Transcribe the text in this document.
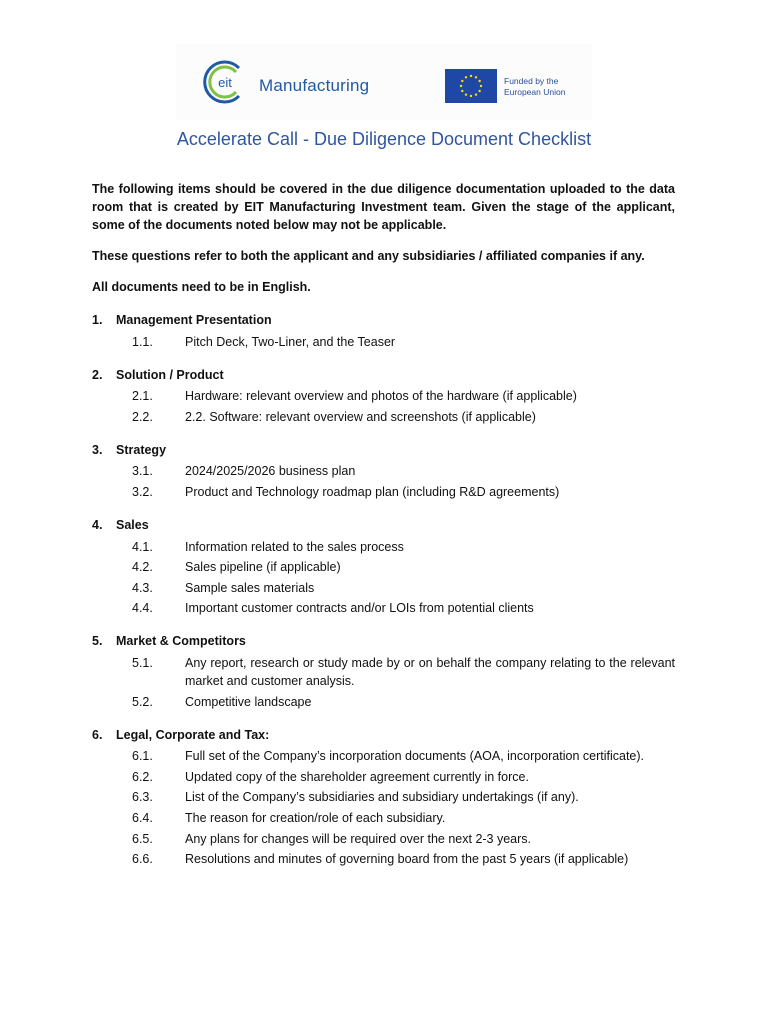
eit Manufacturing	Funded by the
European Union
Accelerate Call - Due Diligence Document Checklist

The following items should be covered in the due diligence documentation uploaded to the data room that is created by EIT Manufacturing Investment team. Given the stage of the applicant, some of the documents noted below may not be applicable.

These questions refer to both the applicant and any subsidiaries / affiliated companies if any.

All documents need to be in English.

1.	Management Presentation
1.1.	Pitch Deck, Two-Liner, and the Teaser
2.	Solution / Product
2.1.	Hardware: relevant overview and photos of the hardware (if applicable)
2.2.	2.2. Software: relevant overview and screenshots (if applicable)
3.	Strategy
3.1.	2024/2025/2026 business plan
3.2.	Product and Technology roadmap plan (including R&D agreements)
4.	Sales
4.1.	Information related to the sales process
4.2.	Sales pipeline (if applicable)
4.3.	Sample sales materials
4.4.	Important customer contracts and/or LOIs from potential clients
5.	Market & Competitors
5.1.	Any report, research or study made by or on behalf the company relating to the relevant market and customer analysis.
5.2.	Competitive landscape
6.	Legal, Corporate and Tax:
6.1.	Full set of the Company’s incorporation documents (AOA, incorporation certificate).
6.2.	Updated copy of the shareholder agreement currently in force.
6.3.	List of the Company’s subsidiaries and subsidiary undertakings (if any).
6.4.	The reason for creation/role of each subsidiary.
6.5.	Any plans for changes will be required over the next 2-3 years.
6.6.	Resolutions and minutes of governing board from the past 5 years (if applicable)
